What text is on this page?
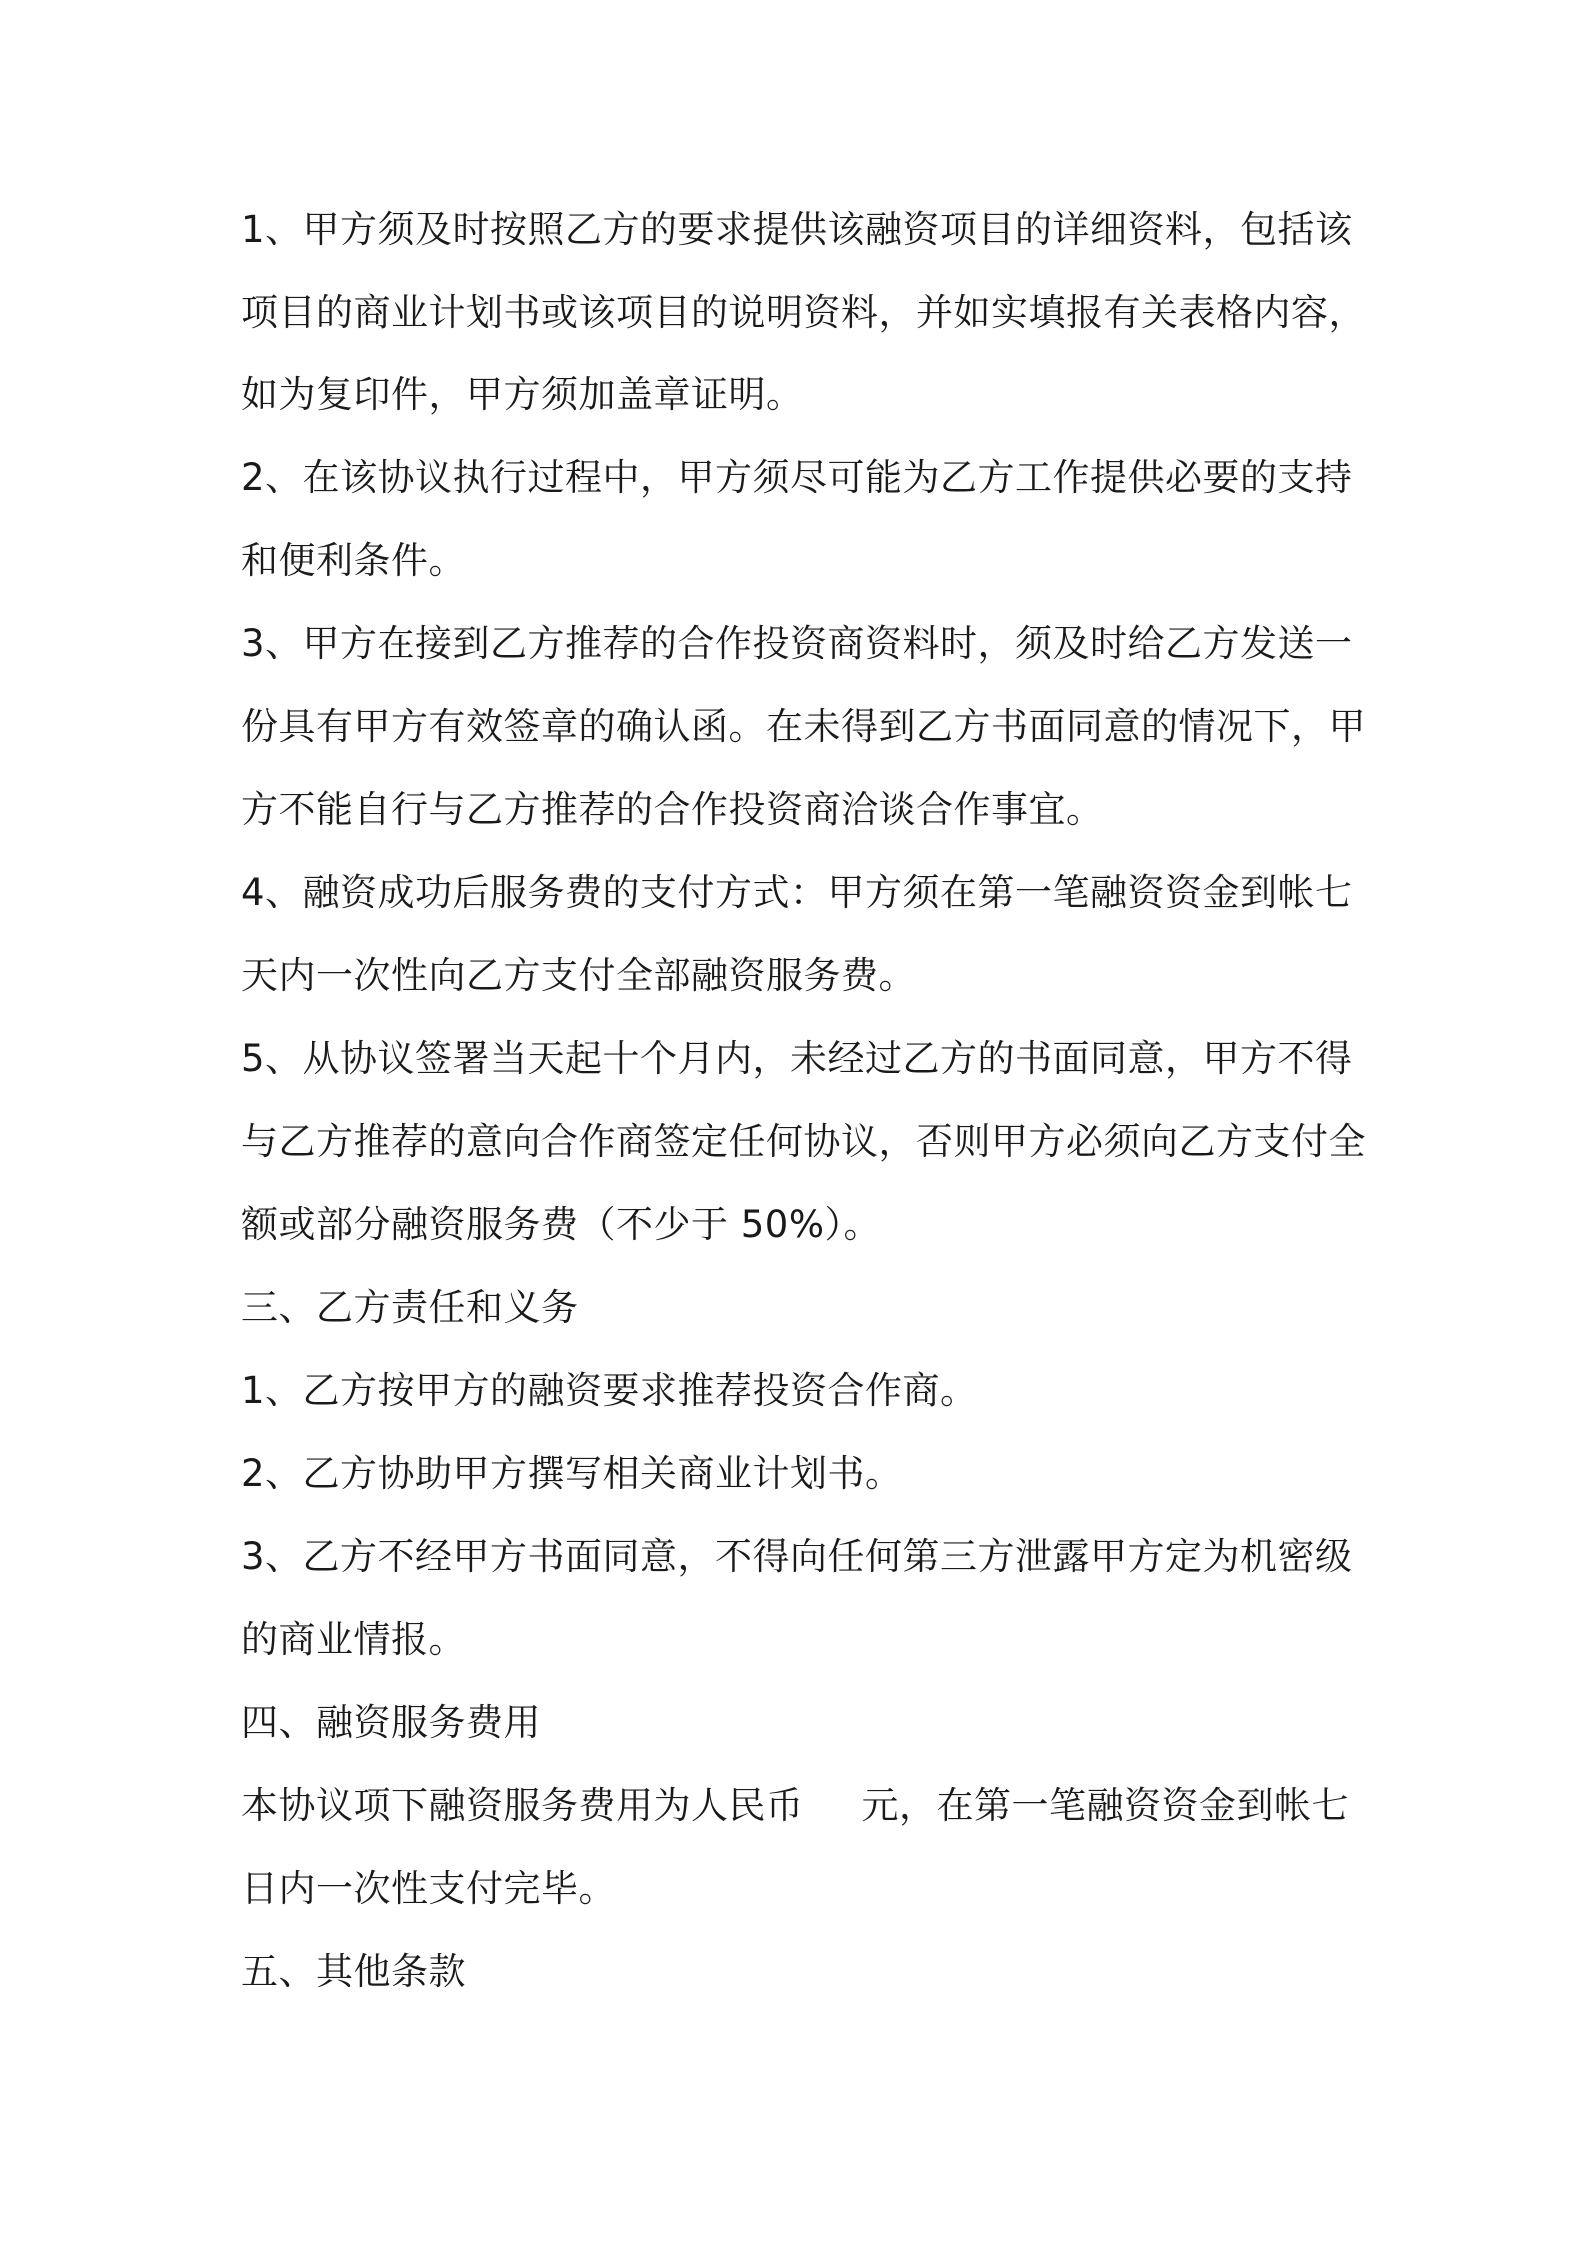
1、甲方须及时按照乙方的要求提供该融资项目的详细资料，包括该
项目的商业计划书或该项目的说明资料，并如实填报有关表格内容，
如为复印件，甲方须加盖章证明。
2、在该协议执行过程中，甲方须尽可能为乙方工作提供必要的支持
和便利条件。
3、甲方在接到乙方推荐的合作投资商资料时，须及时给乙方发送一
份具有甲方有效签章的确认函。在未得到乙方书面同意的情况下，甲
方不能自行与乙方推荐的合作投资商洽谈合作事宜。
4、融资成功后服务费的支付方式：甲方须在第一笔融资资金到帐七
天内一次性向乙方支付全部融资服务费。
5、从协议签署当天起十个月内，未经过乙方的书面同意，甲方不得
与乙方推荐的意向合作商签定任何协议，否则甲方必须向乙方支付全
额或部分融资服务费（不少于 50%）。
三、乙方责任和义务
1、乙方按甲方的融资要求推荐投资合作商。
2、乙方协助甲方撰写相关商业计划书。
3、乙方不经甲方书面同意，不得向任何第三方泄露甲方定为机密级
的商业情报。
四、融资服务费用
本协议项下融资服务费用为人民币 元，在第一笔融资资金到帐七
日内一次性支付完毕。
五、其他条款
